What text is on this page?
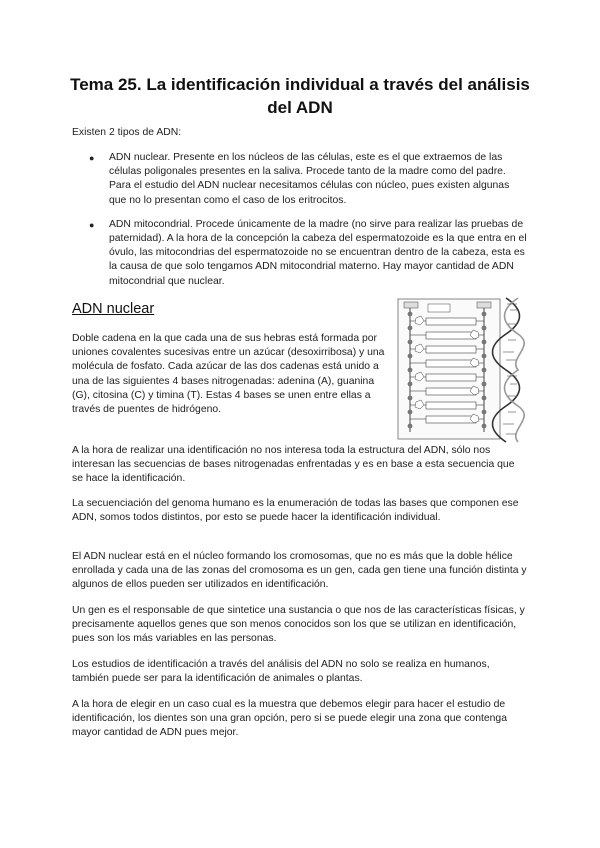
Tema 25. La identificación individual a través del análisis del ADN

Existen 2 tipos de ADN:

● ADN nuclear. Presente en los núcleos de las células, este es el que extraemos de las células poligonales presentes en la saliva. Procede tanto de la madre como del padre. Para el estudio del ADN nuclear necesitamos células con núcleo, pues existen algunas que no lo presentan como el caso de los eritrocitos.
● ADN mitocondrial. Procede únicamente de la madre (no sirve para realizar las pruebas de paternidad). A la hora de la concepción la cabeza del espermatozoide es la que entra en el óvulo, las mitocondrias del espermatozoide no se encuentran dentro de la cabeza, esta es la causa de que solo tengamos ADN mitocondrial materno. Hay mayor cantidad de ADN mitocondrial que nuclear.
ADN nuclear

Doble cadena en la que cada una de sus hebras está formada por uniones covalentes sucesivas entre un azúcar (desoxirribosa) y una molécula de fosfato. Cada azúcar de las dos cadenas está unido a una de las siguientes 4 bases nitrogenadas: adenina (A), guanina (G), citosina (C) y timina (T). Estas 4 bases se unen entre ellas a través de puentes de hidrógeno.

A la hora de realizar una identificación no nos interesa toda la estructura del ADN, sólo nos interesan las secuencias de bases nitrogenadas enfrentadas y es en base a esta secuencia que se hace la identificación.

La secuenciación del genoma humano es la enumeración de todas las bases que componen ese ADN, somos todos distintos, por esto se puede hacer la identificación individual.

El ADN nuclear está en el núcleo formando los cromosomas, que no es más que la doble hélice enrollada y cada una de las zonas del cromosoma es un gen, cada gen tiene una función distinta y algunos de ellos pueden ser utilizados en identificación.

Un gen es el responsable de que sintetice una sustancia o que nos de las características físicas, y precisamente aquellos genes que son menos conocidos son los que se utilizan en identificación, pues son los más variables en las personas.

Los estudios de identificación a través del análisis del ADN no solo se realiza en humanos, también puede ser para la identificación de animales o plantas.

A la hora de elegir en un caso cual es la muestra que debemos elegir para hacer el estudio de identificación, los dientes son una gran opción, pero si se puede elegir una zona que contenga mayor cantidad de ADN pues mejor.
